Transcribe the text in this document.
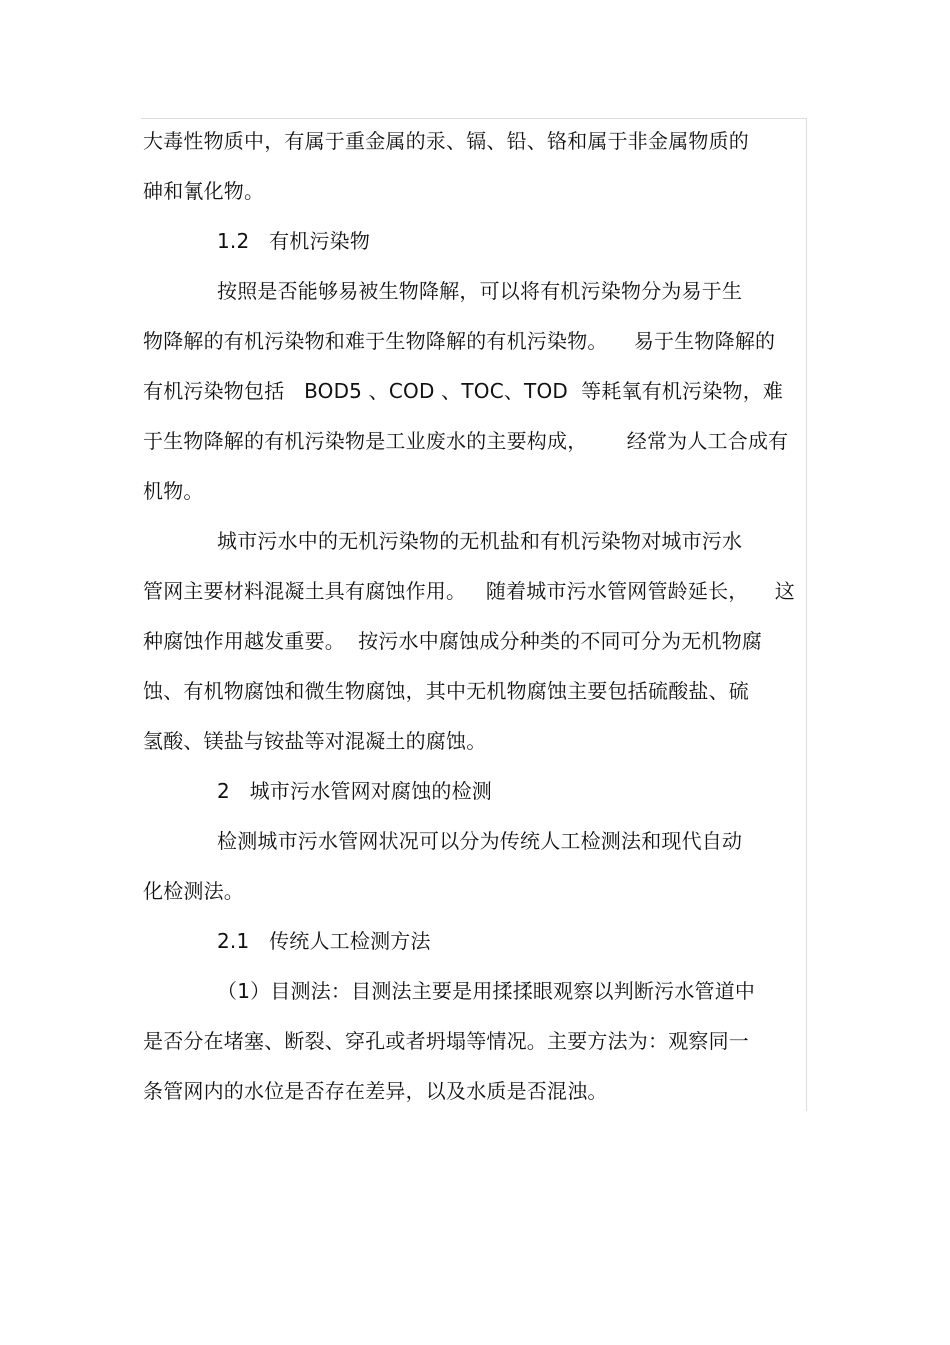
大毒性物质中，有属于重金属的汞、镉、铅、铬和属于非金属物质的
砷和氰化物。
1.2   有机污染物
按照是否能够易被生物降解，可以将有机污染物分为易于生
物降解的有机污染物和难于生物降解的有机污染物。    易于生物降解的
有机污染物包括   BOD5 、COD 、TOC、TOD  等耗氧有机污染物，难
于生物降解的有机污染物是工业废水的主要构成，      经常为人工合成有
机物。
城市污水中的无机污染物的无机盐和有机污染物对城市污水
管网主要材料混凝土具有腐蚀作用。   随着城市污水管网管龄延长，    这
种腐蚀作用越发重要。  按污水中腐蚀成分种类的不同可分为无机物腐
蚀、有机物腐蚀和微生物腐蚀，其中无机物腐蚀主要包括硫酸盐、硫
氢酸、镁盐与铵盐等对混凝土的腐蚀。
2   城市污水管网对腐蚀的检测
检测城市污水管网状况可以分为传统人工检测法和现代自动
化检测法。
2.1   传统人工检测方法
（1）目测法：目测法主要是用揉揉眼观察以判断污水管道中
是否分在堵塞、断裂、穿孔或者坍塌等情况。主要方法为：观察同一
条管网内的水位是否存在差异，以及水质是否混浊。
